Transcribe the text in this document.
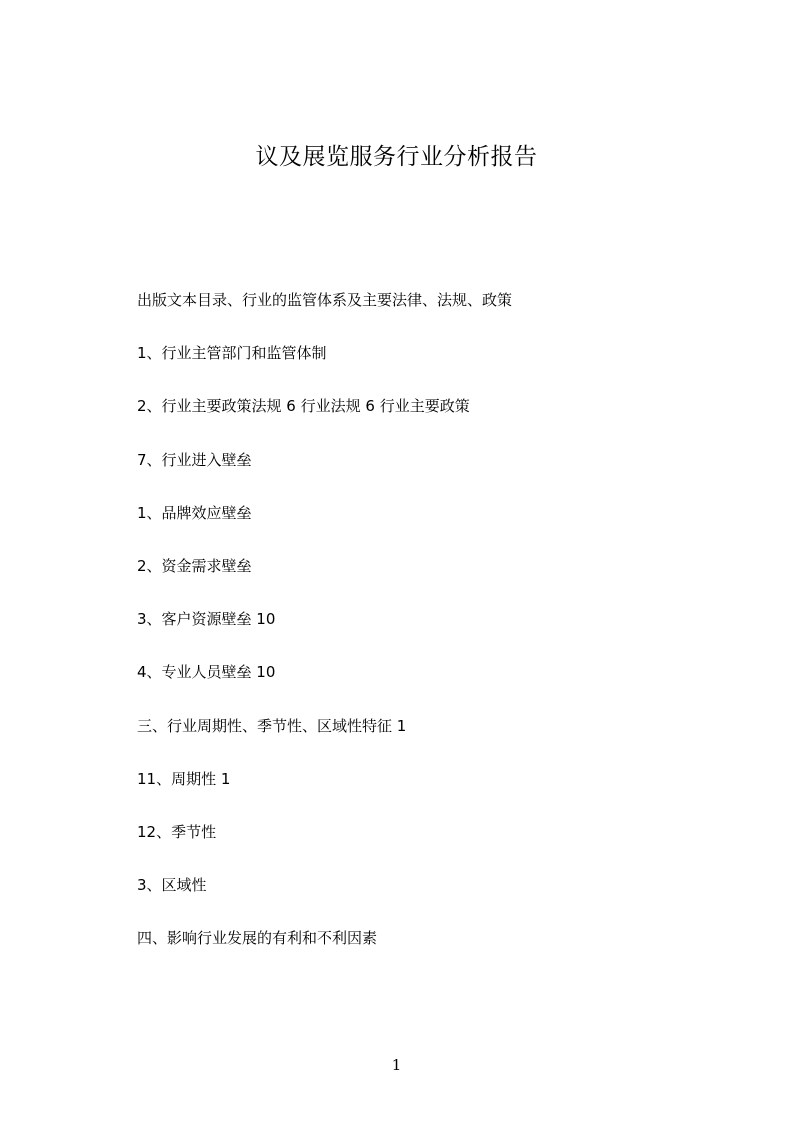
议及展览服务行业分析报告
出版文本目录、行业的监管体系及主要法律、法规、政策
1、行业主管部门和监管体制
2、行业主要政策法规 6 行业法规 6 行业主要政策
7、行业进入壁垒
1、品牌效应壁垒
2、资金需求壁垒
3、客户资源壁垒 10
4、专业人员壁垒 10
三、行业周期性、季节性、区域性特征 1
11、周期性 1
12、季节性
3、区域性
四、影响行业发展的有利和不利因素
1
